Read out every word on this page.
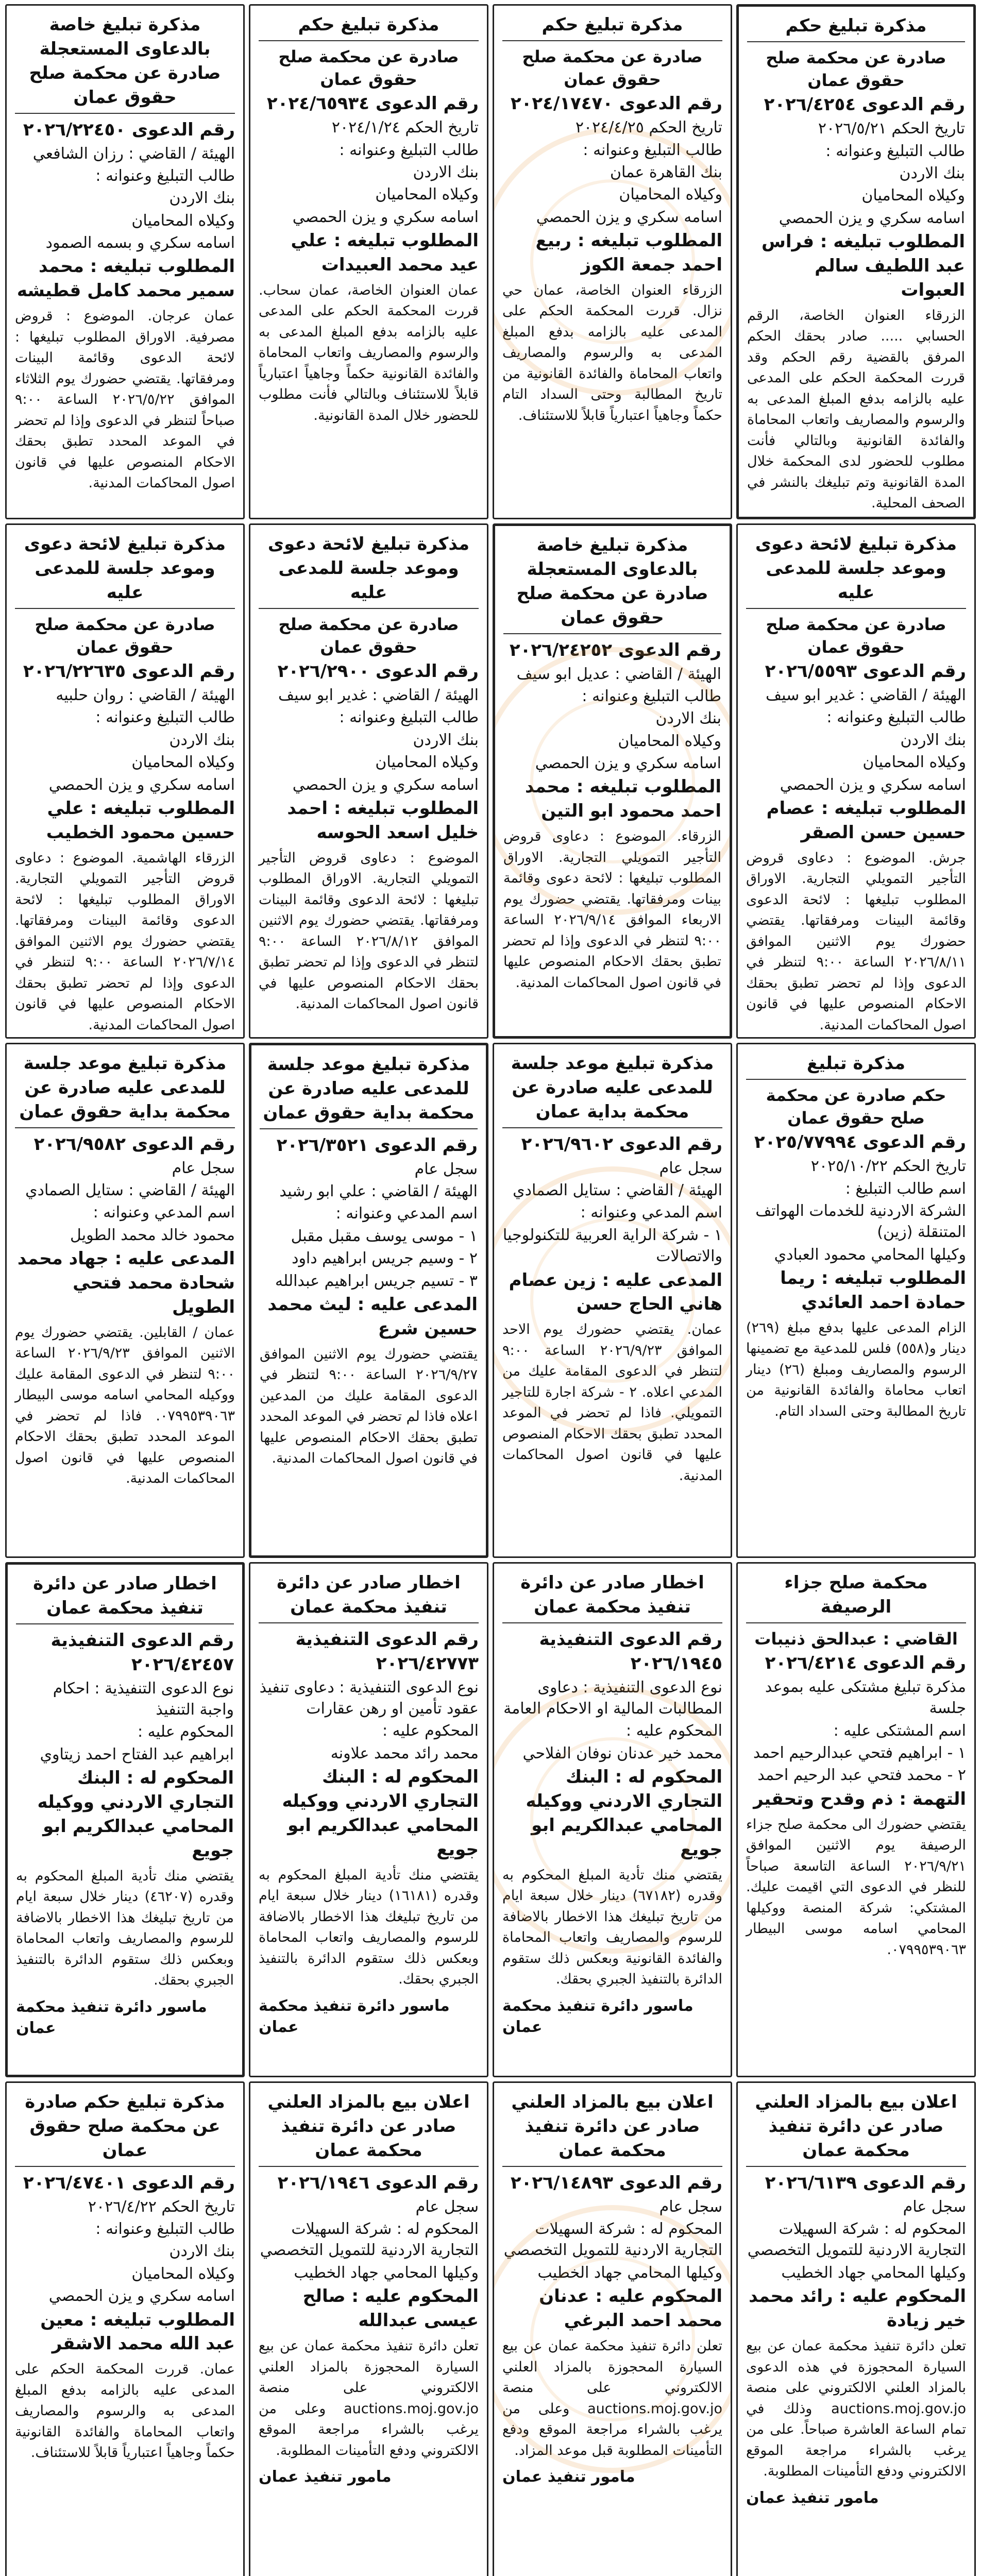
مذكرة تبليغ حكم
صادرة عن محكمة صلح حقوق عمان
رقم الدعوى ٢٠٢٦/٤٢٥٤
تاريخ الحكم ٢٠٢٦/٥/٢١
طالب التبليغ وعنوانه :
بنك الاردن
وكيلاه المحاميان
اسامه سكري و يزن الحمصي
المطلوب تبليغه : فراس عبد اللطيف سالم العبوات
الزرقاء العنوان الخاصة، الرقم الحسابي ..... صادر بحقك الحكم المرفق بالقضية رقم الحكم وقد قررت المحكمة الحكم على المدعى عليه بالزامه بدفع المبلغ المدعى به والرسوم والمصاريف واتعاب المحاماة والفائدة القانونية وبالتالي فأنت مطلوب للحضور لدى المحكمة خلال المدة القانونية وتم تبليغك بالنشر في الصحف المحلية.
مذكرة تبليغ حكم
صادرة عن محكمة صلح حقوق عمان
رقم الدعوى ٢٠٢٤/١٧٤٧٠
تاريخ الحكم ٢٠٢٤/٤/٢٥
طالب التبليغ وعنوانه :
بنك القاهرة عمان
وكيلاه المحاميان
اسامه سكري و يزن الحمصي
المطلوب تبليغه : ربيع احمد جمعة الكوز
الزرقاء العنوان الخاصة، عمان حي نزال. قررت المحكمة الحكم على المدعى عليه بالزامه بدفع المبلغ المدعى به والرسوم والمصاريف واتعاب المحاماة والفائدة القانونية من تاريخ المطالبة وحتى السداد التام حكماً وجاهياً اعتبارياً قابلاً للاستئناف.
مذكرة تبليغ حكم
صادرة عن محكمة صلح حقوق عمان
رقم الدعوى ٢٠٢٤/٦٥٩٣٤
تاريخ الحكم ٢٠٢٤/١/٢٤
طالب التبليغ وعنوانه :
بنك الاردن
وكيلاه المحاميان
اسامه سكري و يزن الحمصي
المطلوب تبليغه : علي عيد محمد العبيدات
عمان العنوان الخاصة، عمان سحاب. قررت المحكمة الحكم على المدعى عليه بالزامه بدفع المبلغ المدعى به والرسوم والمصاريف واتعاب المحاماة والفائدة القانونية حكماً وجاهياً اعتبارياً قابلاً للاستئناف وبالتالي فأنت مطلوب للحضور خلال المدة القانونية.
مذكرة تبليغ خاصة بالدعاوى المستعجلة صادرة عن محكمة صلح حقوق عمان
رقم الدعوى ٢٠٢٦/٢٢٤٥٠
الهيئة / القاضي : رزان الشافعي
طالب التبليغ وعنوانه :
بنك الاردن
وكيلاه المحاميان
اسامه سكري و بسمه الصمود
المطلوب تبليغه : محمد سمير محمد كامل قطيشه
عمان عرجان. الموضوع : قروض مصرفية. الاوراق المطلوب تبليغها : لائحة الدعوى وقائمة البينات ومرفقاتها. يقتضي حضورك يوم الثلاثاء الموافق ٢٠٢٦/٥/٢٢ الساعة ٩:٠٠ صباحاً لتنظر في الدعوى وإذا لم تحضر في الموعد المحدد تطبق بحقك الاحكام المنصوص عليها في قانون اصول المحاكمات المدنية.
مذكرة تبليغ لائحة دعوى وموعد جلسة للمدعى عليه
صادرة عن محكمة صلح حقوق عمان
رقم الدعوى ٢٠٢٦/٥٥٩٣
الهيئة / القاضي : غدير ابو سيف
طالب التبليغ وعنوانه :
بنك الاردن
وكيلاه المحاميان
اسامه سكري و يزن الحمصي
المطلوب تبليغه : عصام حسين حسن الصقر
جرش. الموضوع : دعاوى قروض التأجير التمويلي التجارية. الاوراق المطلوب تبليغها : لائحة الدعوى وقائمة البينات ومرفقاتها. يقتضي حضورك يوم الاثنين الموافق ٢٠٢٦/٨/١١ الساعة ٩:٠٠ لتنظر في الدعوى وإذا لم تحضر تطبق بحقك الاحكام المنصوص عليها في قانون اصول المحاكمات المدنية.
مذكرة تبليغ خاصة بالدعاوى المستعجلة صادرة عن محكمة صلح حقوق عمان
رقم الدعوى ٢٠٢٦/٢٤٢٥٢
الهيئة / القاضي : عديل ابو سيف
طالب التبليغ وعنوانه :
بنك الاردن
وكيلاه المحاميان
اسامه سكري و يزن الحمصي
المطلوب تبليغه : محمد احمد محمود ابو التين
الزرقاء. الموضوع : دعاوى قروض التأجير التمويلي التجارية. الاوراق المطلوب تبليغها : لائحة دعوى وقائمة بينات ومرفقاتها. يقتضي حضورك يوم الاربعاء الموافق ٢٠٢٦/٩/١٤ الساعة ٩:٠٠ لتنظر في الدعوى وإذا لم تحضر تطبق بحقك الاحكام المنصوص عليها في قانون اصول المحاكمات المدنية.
مذكرة تبليغ لائحة دعوى وموعد جلسة للمدعى عليه
صادرة عن محكمة صلح حقوق عمان
رقم الدعوى ٢٠٢٦/٢٩٠٠
الهيئة / القاضي : غدير ابو سيف
طالب التبليغ وعنوانه :
بنك الاردن
وكيلاه المحاميان
اسامه سكري و يزن الحمصي
المطلوب تبليغه : احمد خليل اسعد الحوسه
الموضوع : دعاوى قروض التأجير التمويلي التجارية. الاوراق المطلوب تبليغها : لائحة الدعوى وقائمة البينات ومرفقاتها. يقتضي حضورك يوم الاثنين الموافق ٢٠٢٦/٨/١٢ الساعة ٩:٠٠ لتنظر في الدعوى وإذا لم تحضر تطبق بحقك الاحكام المنصوص عليها في قانون اصول المحاكمات المدنية.
مذكرة تبليغ لائحة دعوى وموعد جلسة للمدعى عليه
صادرة عن محكمة صلح حقوق عمان
رقم الدعوى ٢٠٢٦/٢٢٦٣٥
الهيئة / القاضي : روان حلبيه
طالب التبليغ وعنوانه :
بنك الاردن
وكيلاه المحاميان
اسامه سكري و يزن الحمصي
المطلوب تبليغه : علي حسين محمود الخطيب
الزرقاء الهاشمية. الموضوع : دعاوى قروض التأجير التمويلي التجارية. الاوراق المطلوب تبليغها : لائحة الدعوى وقائمة البينات ومرفقاتها. يقتضي حضورك يوم الاثنين الموافق ٢٠٢٦/٧/١٤ الساعة ٩:٠٠ لتنظر في الدعوى وإذا لم تحضر تطبق بحقك الاحكام المنصوص عليها في قانون اصول المحاكمات المدنية.
مذكرة تبليغ
حكم صادرة عن محكمة صلح حقوق عمان
رقم الدعوى ٢٠٢٥/٧٧٩٩٤
تاريخ الحكم ٢٠٢٥/١٠/٢٢
اسم طالب التبليغ :
الشركة الاردنية للخدمات الهواتف المتنقلة (زين)
وكيلها المحامي محمود العبادي
المطلوب تبليغه : ريما حمادة احمد العائدي
الزام المدعى عليها بدفع مبلغ (٢٦٩) دينار و(٥٥٨) فلس للمدعية مع تضمينها الرسوم والمصاريف ومبلغ (٢٦) دينار اتعاب محاماة والفائدة القانونية من تاريخ المطالبة وحتى السداد التام.
مذكرة تبليغ موعد جلسة للمدعى عليه صادرة عن محكمة بداية عمان
رقم الدعوى ٢٠٢٦/٩٦٠٢
سجل عام
الهيئة / القاضي : ستايل الصمادي
اسم المدعي وعنوانه :
١ - شركة الراية العربية للتكنولوجيا والاتصالات
المدعى عليه : زين عصام هاني الحاج حسن
عمان. يقتضي حضورك يوم الاحد الموافق ٢٠٢٦/٩/٢٣ الساعة ٩:٠٠ لتنظر في الدعوى المقامة عليك من المدعي اعلاه. ٢ - شركة اجارة للتاجير التمويلي. فاذا لم تحضر في الموعد المحدد تطبق بحقك الاحكام المنصوص عليها في قانون اصول المحاكمات المدنية.
مذكرة تبليغ موعد جلسة للمدعى عليه صادرة عن محكمة بداية حقوق عمان
رقم الدعوى ٢٠٢٦/٣٥٢١
سجل عام
الهيئة / القاضي : علي ابو رشيد
اسم المدعي وعنوانه :
١ - موسى يوسف مقبل مقبل
٢ - وسيم جريس ابراهيم داود
٣ - تسيم جريس ابراهيم عبدالله
المدعى عليه : ليث محمد حسين شرع
يقتضي حضورك يوم الاثنين الموافق ٢٠٢٦/٩/٢٧ الساعة ٩:٠٠ لتنظر في الدعوى المقامة عليك من المدعين اعلاه فاذا لم تحضر في الموعد المحدد تطبق بحقك الاحكام المنصوص عليها في قانون اصول المحاكمات المدنية.
مذكرة تبليغ موعد جلسة للمدعى عليه صادرة عن محكمة بداية حقوق عمان
رقم الدعوى ٢٠٢٦/٩٥٨٢
سجل عام
الهيئة / القاضي : ستايل الصمادي
اسم المدعي وعنوانه :
محمود خالد محمد الطويل
المدعى عليه : جهاد محمد شحادة محمد فتحي الطويل
عمان / القابلين. يقتضي حضورك يوم الاثنين الموافق ٢٠٢٦/٩/٢٣ الساعة ٩:٠٠ لتنظر في الدعوى المقامة عليك ووكيله المحامي اسامه موسى البيطار ٠٧٩٩٥٣٩٠٦٣. فاذا لم تحضر في الموعد المحدد تطبق بحقك الاحكام المنصوص عليها في قانون اصول المحاكمات المدنية.
محكمة صلح جزاء الرصيفة
القاضي : عبدالحق ذنيبات
رقم الدعوى ٢٠٢٦/٤٢١٤
مذكرة تبليغ مشتكى عليه بموعد جلسة
اسم المشتكى عليه :
١ - ابراهيم فتحي عبدالرحيم احمد
٢ - محمد فتحي عبد الرحيم احمد
التهمة : ذم وقدح وتحقير
يقتضي حضورك الى محكمة صلح جزاء الرصيفة يوم الاثنين الموافق ٢٠٢٦/٩/٢١ الساعة التاسعة صباحاً للنظر في الدعوى التي اقيمت عليك. المشتكي: شركة المنصة ووكيلها المحامي اسامه موسى البيطار ٠٧٩٩٥٣٩٠٦٣.
اخطار صادر عن دائرة تنفيذ محكمة عمان
رقم الدعوى التنفيذية ٢٠٢٦/١٩٤٥
نوع الدعوى التنفيذية : دعاوى المطالبات المالية او الاحكام العامة
المحكوم عليه :
محمد خير عدنان نوفان الفلاحي
المحكوم له : البنك التجاري الاردني ووكيله المحامي عبدالكريم ابو جويع
يقتضي منك تأدية المبلغ المحكوم به وقدره (٦٧١٨٢) دينار خلال سبعة ايام من تاريخ تبليغك هذا الاخطار بالاضافة للرسوم والمصاريف واتعاب المحاماة والفائدة القانونية وبعكس ذلك ستقوم الدائرة بالتنفيذ الجبري بحقك.
ماسور دائرة تنفيذ محكمة عمان
اخطار صادر عن دائرة تنفيذ محكمة عمان
رقم الدعوى التنفيذية ٢٠٢٦/٤٢٧٧٣
نوع الدعوى التنفيذية : دعاوى تنفيذ عقود تأمين او رهن عقارات
المحكوم عليه :
محمد رائد محمد علاونه
المحكوم له : البنك التجاري الاردني ووكيله المحامي عبدالكريم ابو جويع
يقتضي منك تأدية المبلغ المحكوم به وقدره (١٦١٨١) دينار خلال سبعة ايام من تاريخ تبليغك هذا الاخطار بالاضافة للرسوم والمصاريف واتعاب المحاماة وبعكس ذلك ستقوم الدائرة بالتنفيذ الجبري بحقك.
ماسور دائرة تنفيذ محكمة عمان
اخطار صادر عن دائرة تنفيذ محكمة عمان
رقم الدعوى التنفيذية ٢٠٢٦/٤٢٤٥٧
نوع الدعوى التنفيذية : احكام واجبة التنفيذ
المحكوم عليه :
ابراهيم عبد الفتاح احمد زيتاوي
المحكوم له : البنك التجاري الاردني ووكيله المحامي عبدالكريم ابو جويع
يقتضي منك تأدية المبلغ المحكوم به وقدره (٤٦٢٠٧) دينار خلال سبعة ايام من تاريخ تبليغك هذا الاخطار بالاضافة للرسوم والمصاريف واتعاب المحاماة وبعكس ذلك ستقوم الدائرة بالتنفيذ الجبري بحقك.
ماسور دائرة تنفيذ محكمة عمان
اعلان بيع بالمزاد العلني صادر عن دائرة تنفيذ محكمة عمان
رقم الدعوى ٢٠٢٦/٦١٣٩
سجل عام
المحكوم له : شركة السهيلات التجارية الاردنية للتمويل التخصصي
وكيلها المحامي جهاد الخطيب
المحكوم عليه : رائد محمد خير زيادة
تعلن دائرة تنفيذ محكمة عمان عن بيع السيارة المحجوزة في هذه الدعوى بالمزاد العلني الالكتروني على منصة auctions.moj.gov.jo وذلك في تمام الساعة العاشرة صباحاً. على من يرغب بالشراء مراجعة الموقع الالكتروني ودفع التأمينات المطلوبة.
مامور تنفيذ عمان
اعلان بيع بالمزاد العلني صادر عن دائرة تنفيذ محكمة عمان
رقم الدعوى ٢٠٢٦/١٤٨٩٣
سجل عام
المحكوم له : شركة السهيلات التجارية الاردنية للتمويل التخصصي
وكيلها المحامي جهاد الخطيب
المحكوم عليه : عدنان محمد احمد البرغي
تعلن دائرة تنفيذ محكمة عمان عن بيع السيارة المحجوزة بالمزاد العلني الالكتروني على منصة auctions.moj.gov.jo وعلى من يرغب بالشراء مراجعة الموقع ودفع التأمينات المطلوبة قبل موعد المزاد.
مامور تنفيذ عمان
اعلان بيع بالمزاد العلني صادر عن دائرة تنفيذ محكمة عمان
رقم الدعوى ٢٠٢٦/١٩٤٦
سجل عام
المحكوم له : شركة السهيلات التجارية الاردنية للتمويل التخصصي
وكيلها المحامي جهاد الخطيب
المحكوم عليه : صالح عيسى عبدالله
تعلن دائرة تنفيذ محكمة عمان عن بيع السيارة المحجوزة بالمزاد العلني الالكتروني على منصة auctions.moj.gov.jo وعلى من يرغب بالشراء مراجعة الموقع الالكتروني ودفع التأمينات المطلوبة.
مامور تنفيذ عمان
مذكرة تبليغ حكم صادرة عن محكمة صلح حقوق عمان
رقم الدعوى ٢٠٢٦/٤٧٤٠١
تاريخ الحكم ٢٠٢٦/٤/٢٢
طالب التبليغ وعنوانه :
بنك الاردن
وكيلاه المحاميان
اسامه سكري و يزن الحمصي
المطلوب تبليغه : معين عبد الله محمد الاشقر
عمان. قررت المحكمة الحكم على المدعى عليه بالزامه بدفع المبلغ المدعى به والرسوم والمصاريف واتعاب المحاماة والفائدة القانونية حكماً وجاهياً اعتبارياً قابلاً للاستئناف.
